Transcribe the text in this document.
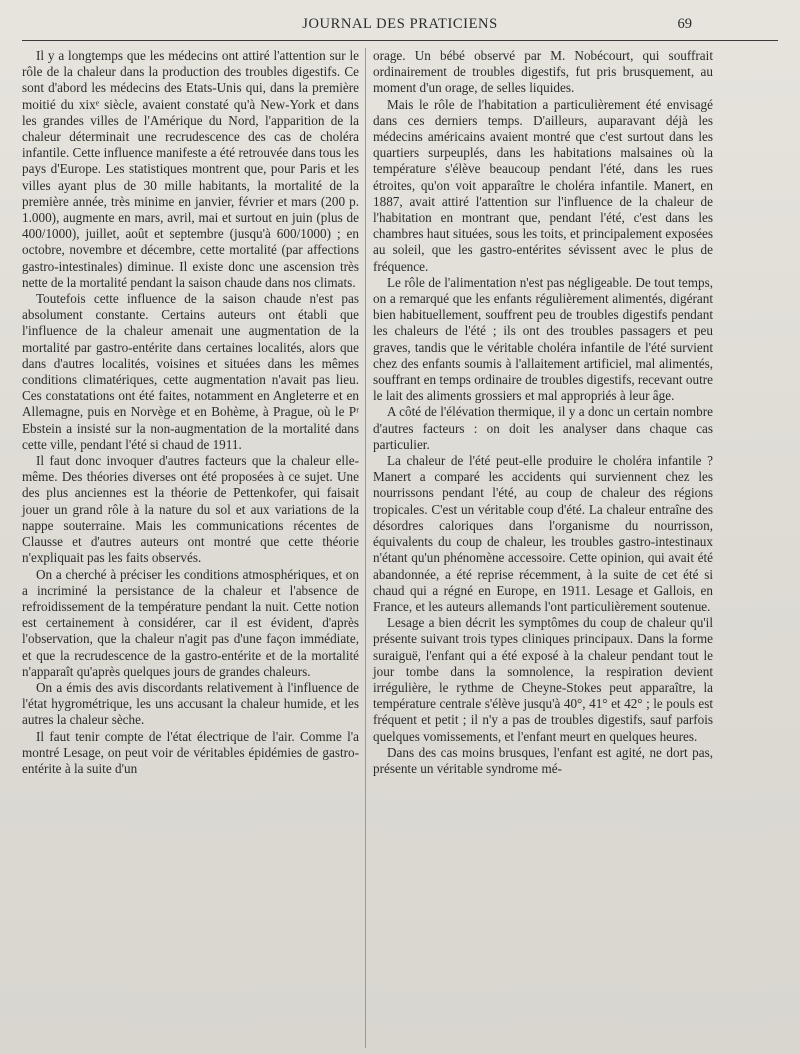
JOURNAL DES PRATICIENS	69

Il y a longtemps que les médecins ont attiré l'attention sur le rôle de la chaleur dans la production des troubles digestifs. Ce sont d'abord les médecins des Etats-Unis qui, dans la première moitié du xixᵉ siècle, avaient constaté qu'à New-York et dans les grandes villes de l'Amérique du Nord, l'apparition de la chaleur déterminait une recrudescence des cas de choléra infantile. Cette influence manifeste a été retrouvée dans tous les pays d'Europe. Les statistiques montrent que, pour Paris et les villes ayant plus de 30 mille habitants, la mortalité de la première année, très minime en janvier, février et mars (200 p. 1.000), augmente en mars, avril, mai et surtout en juin (plus de 400/1000), juillet, août et septembre (jusqu'à 600/1000) ; en octobre, novembre et décembre, cette mortalité (par affections gastro-intestinales) diminue. Il existe donc une ascension très nette de la mortalité pendant la saison chaude dans nos climats.

Toutefois cette influence de la saison chaude n'est pas absolument constante. Certains auteurs ont établi que l'influence de la chaleur amenait une augmentation de la mortalité par gastro-entérite dans certaines localités, alors que dans d'autres localités, voisines et situées dans les mêmes conditions climatériques, cette augmentation n'avait pas lieu. Ces constatations ont été faites, notamment en Angleterre et en Allemagne, puis en Norvège et en Bohème, à Prague, où le Pʳ Ebstein a insisté sur la non-augmentation de la mortalité dans cette ville, pendant l'été si chaud de 1911.

Il faut donc invoquer d'autres facteurs que la chaleur elle-même. Des théories diverses ont été proposées à ce sujet. Une des plus anciennes est la théorie de Pettenkofer, qui faisait jouer un grand rôle à la nature du sol et aux variations de la nappe souterraine. Mais les communications récentes de Clausse et d'autres auteurs ont montré que cette théorie n'expliquait pas les faits observés.

On a cherché à préciser les conditions atmosphériques, et on a incriminé la persistance de la chaleur et l'absence de refroidissement de la température pendant la nuit. Cette notion est certainement à considérer, car il est évident, d'après l'observation, que la chaleur n'agit pas d'une façon immédiate, et que la recrudescence de la gastro-entérite et de la mortalité n'apparaît qu'après quelques jours de grandes chaleurs.

On a émis des avis discordants relativement à l'influence de l'état hygrométrique, les uns accusant la chaleur humide, et les autres la chaleur sèche.

Il faut tenir compte de l'état électrique de l'air. Comme l'a montré Lesage, on peut voir de véritables épidémies de gastro-entérite à la suite d'un

orage. Un bébé observé par M. Nobécourt, qui souffrait ordinairement de troubles digestifs, fut pris brusquement, au moment d'un orage, de selles liquides.

Mais le rôle de l'habitation a particulièrement été envisagé dans ces derniers temps. D'ailleurs, auparavant déjà les médecins américains avaient montré que c'est surtout dans les quartiers surpeuplés, dans les habitations malsaines où la température s'élève beaucoup pendant l'été, dans les rues étroites, qu'on voit apparaître le choléra infantile. Manert, en 1887, avait attiré l'attention sur l'influence de la chaleur de l'habitation en montrant que, pendant l'été, c'est dans les chambres haut situées, sous les toits, et principalement exposées au soleil, que les gastro-entérites sévissent avec le plus de fréquence.

Le rôle de l'alimentation n'est pas négligeable. De tout temps, on a remarqué que les enfants régulièrement alimentés, digérant bien habituellement, souffrent peu de troubles digestifs pendant les chaleurs de l'été ; ils ont des troubles passagers et peu graves, tandis que le véritable choléra infantile de l'été survient chez des enfants soumis à l'allaitement artificiel, mal alimentés, souffrant en temps ordinaire de troubles digestifs, recevant outre le lait des aliments grossiers et mal appropriés à leur âge.

A côté de l'élévation thermique, il y a donc un certain nombre d'autres facteurs : on doit les analyser dans chaque cas particulier.

La chaleur de l'été peut-elle produire le choléra infantile ? Manert a comparé les accidents qui surviennent chez les nourrissons pendant l'été, au coup de chaleur des régions tropicales. C'est un véritable coup d'été. La chaleur entraîne des désordres caloriques dans l'organisme du nourrisson, équivalents du coup de chaleur, les troubles gastro-intestinaux n'étant qu'un phénomène accessoire. Cette opinion, qui avait été abandonnée, a été reprise récemment, à la suite de cet été si chaud qui a régné en Europe, en 1911. Lesage et Gallois, en France, et les auteurs allemands l'ont particulièrement soutenue.

Lesage a bien décrit les symptômes du coup de chaleur qu'il présente suivant trois types cliniques principaux. Dans la forme suraiguë, l'enfant qui a été exposé à la chaleur pendant tout le jour tombe dans la somnolence, la respiration devient irrégulière, le rythme de Cheyne-Stokes peut apparaître, la température centrale s'élève jusqu'à 40°, 41° et 42° ; le pouls est fréquent et petit ; il n'y a pas de troubles digestifs, sauf parfois quelques vomissements, et l'enfant meurt en quelques heures.

Dans des cas moins brusques, l'enfant est agité, ne dort pas, présente un véritable syndrome mé-
